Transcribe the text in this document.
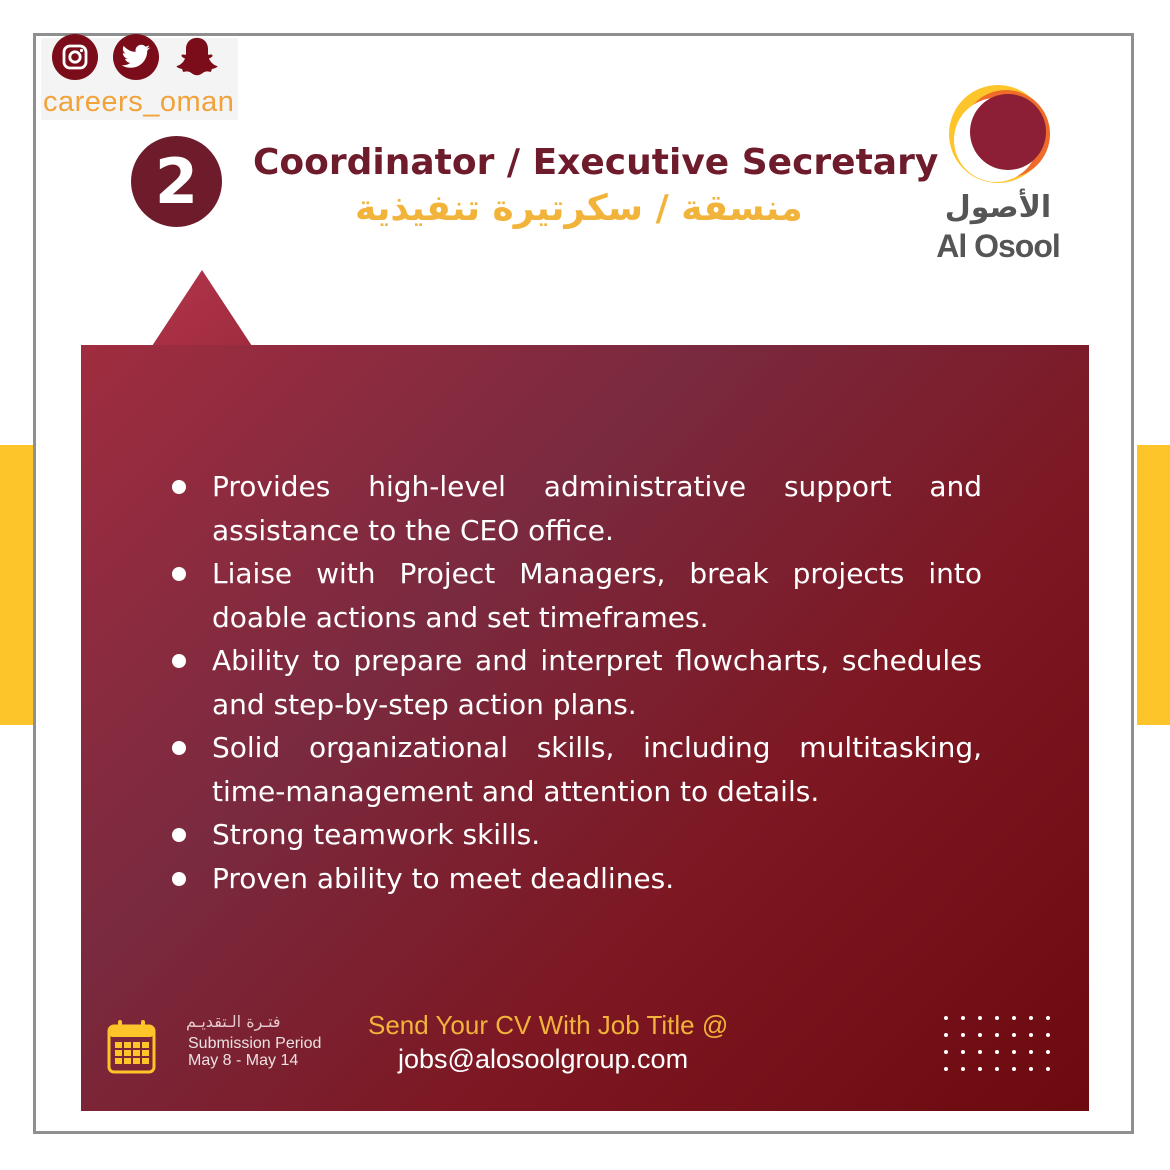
careers_oman
2	Coordinator / Executive Secretary
منسقة / سكرتيرة تنفيذية	الأصول
Al Osool
Provides high-level administrative support and assistance to the CEO office.
Liaise with Project Managers, break projects into doable actions and set timeframes.
Ability to prepare and interpret flowcharts, schedules and step-by-step action plans.
Solid organizational skills, including multitasking, time-management and attention to details.
Strong teamwork skills.
Proven ability to meet deadlines.
فتـرة الـتقديـم
Submission Period
May 8 - May 14
Send Your CV With Job Title @
jobs@alosoolgroup.com
